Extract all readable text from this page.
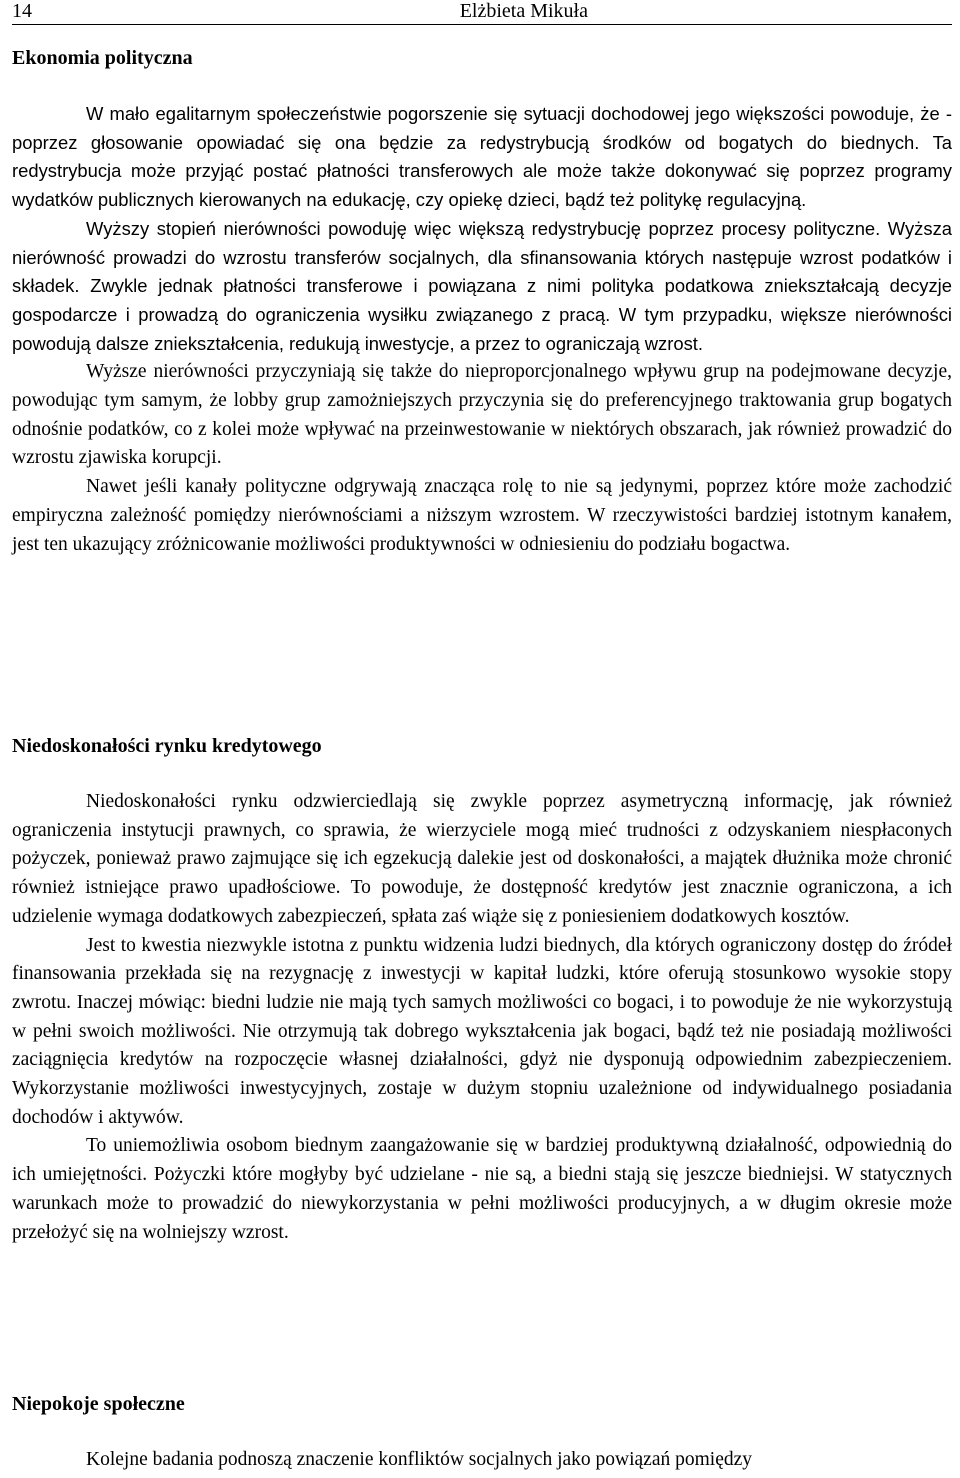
14	Elżbieta Mikuła
Ekonomia polityczna

W mało egalitarnym społeczeństwie pogorszenie się sytuacji dochodowej jego większości powoduje, że - poprzez głosowanie opowiadać się ona będzie za redystrybucją środków od bogatych do biednych. Ta redystrybucja może przyjąć postać płatności transferowych ale może także dokonywać się poprzez programy wydatków publicznych kierowanych na edukację, czy opiekę dzieci, bądź też politykę regulacyjną.

Wyższy stopień nierówności powoduję więc większą redystrybucję poprzez procesy polityczne. Wyższa nierówność prowadzi do wzrostu transferów socjalnych, dla sfinansowania których następuje wzrost podatków i składek. Zwykle jednak płatności transferowe i powiązana z nimi polityka podatkowa zniekształcają decyzje gospodarcze i prowadzą do ograniczenia wysiłku związanego z pracą. W tym przypadku, większe nierówności powodują dalsze zniekształcenia, redukują inwestycje, a przez to ograniczają wzrost.

Wyższe nierówności przyczyniają się także do nieproporcjonalnego wpływu grup na podejmowane decyzje, powodując tym samym, że lobby grup zamożniejszych przyczynia się do preferencyjnego traktowania grup bogatych odnośnie podatków, co z kolei może wpływać na przeinwestowanie w niektórych obszarach, jak również prowadzić do wzrostu zjawiska korupcji.

Nawet jeśli kanały polityczne odgrywają znacząca rolę to nie są jedynymi, poprzez które może zachodzić empiryczna zależność pomiędzy nierównościami a niższym wzrostem. W rzeczywistości bardziej istotnym kanałem, jest ten ukazujący zróżnicowanie możliwości produktywności w odniesieniu do podziału bogactwa.

Niedoskonałości rynku kredytowego

Niedoskonałości rynku odzwierciedlają się zwykle poprzez asymetryczną informację, jak również ograniczenia instytucji prawnych, co sprawia, że wierzyciele mogą mieć trudności z odzyskaniem niespłaconych pożyczek, ponieważ prawo zajmujące się ich egzekucją dalekie jest od doskonałości, a majątek dłużnika może chronić również istniejące prawo upadłościowe. To powoduje, że dostępność kredytów jest znacznie ograniczona, a ich udzielenie wymaga dodatkowych zabezpieczeń, spłata zaś wiąże się z poniesieniem dodatkowych kosztów.

Jest to kwestia niezwykle istotna z punktu widzenia ludzi biednych, dla których ograniczony dostęp do źródeł finansowania przekłada się na rezygnację z inwestycji w kapitał ludzki, które oferują stosunkowo wysokie stopy zwrotu. Inaczej mówiąc: biedni ludzie nie mają tych samych możliwości co bogaci, i to powoduje że nie wykorzystują w pełni swoich możliwości. Nie otrzymują tak dobrego wykształcenia jak bogaci, bądź też nie posiadają możliwości zaciągnięcia kredytów na rozpoczęcie własnej działalności, gdyż nie dysponują odpowiednim zabezpieczeniem. Wykorzystanie możliwości inwestycyjnych, zostaje w dużym stopniu uzależnione od indywidualnego posiadania dochodów i aktywów.

To uniemożliwia osobom biednym zaangażowanie się w bardziej produktywną działalność, odpowiednią do ich umiejętności. Pożyczki które mogłyby być udzielane - nie są, a biedni stają się jeszcze biedniejsi. W statycznych warunkach może to prowadzić do niewykorzystania w pełni możliwości producyjnych, a w długim okresie może przełożyć się na wolniejszy wzrost.

Niepokoje społeczne

Kolejne badania podnoszą znaczenie konfliktów socjalnych jako powiązań pomiędzy
